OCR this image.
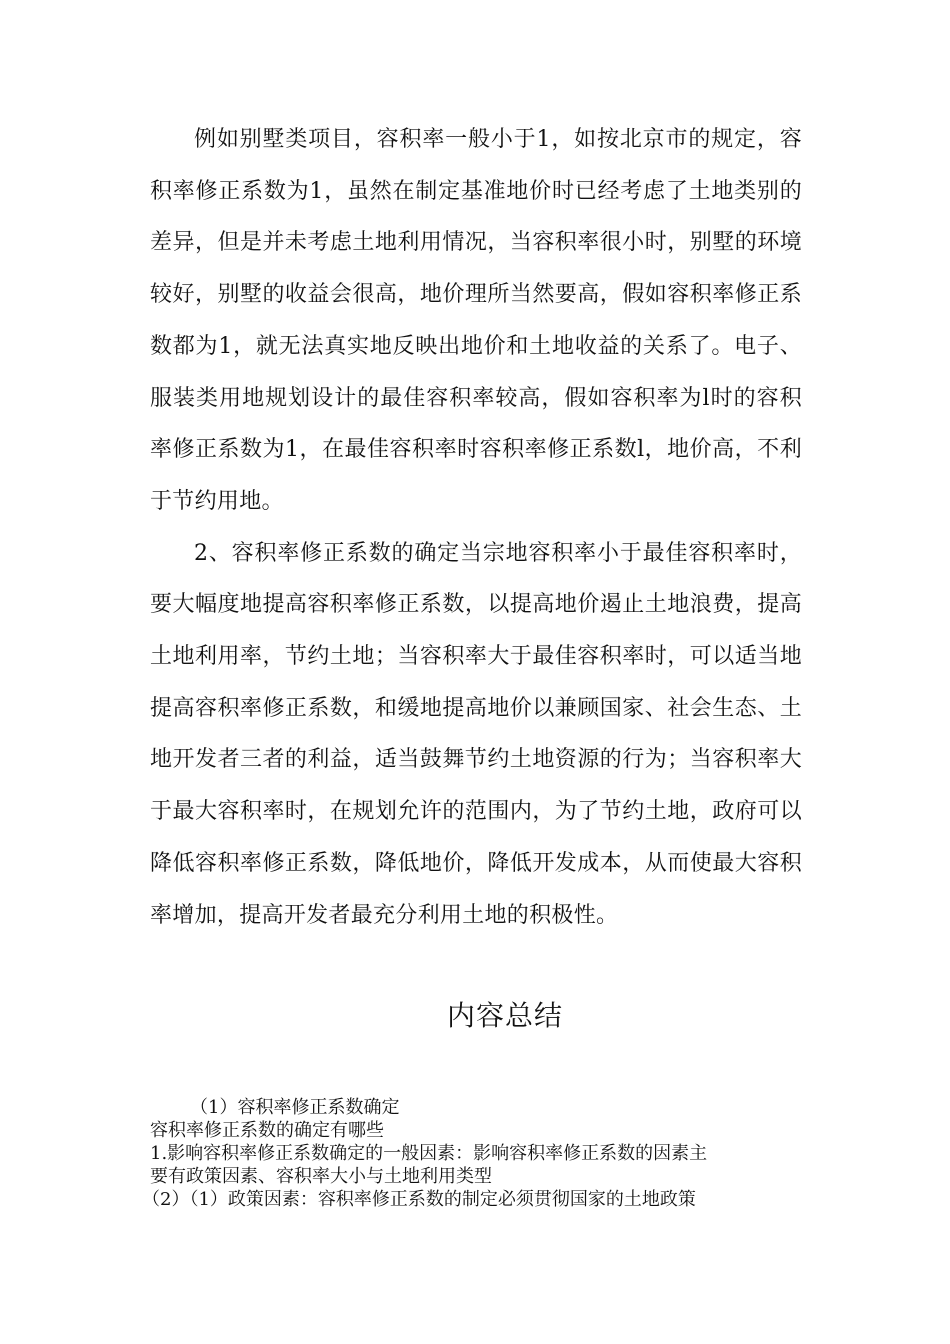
例如别墅类项目，容积率一般小于1，如按北京市的规定，容积率修正系数为1，虽然在制定基准地价时已经考虑了土地类别的差异，但是并未考虑土地利用情况，当容积率很小时，别墅的环境较好，别墅的收益会很高，地价理所当然要高，假如容积率修正系数都为1，就无法真实地反映出地价和土地收益的关系了。电子、服装类用地规划设计的最佳容积率较高，假如容积率为l时的容积率修正系数为1，在最佳容积率时容积率修正系数l，地价高，不利于节约用地。

2、容积率修正系数的确定当宗地容积率小于最佳容积率时，要大幅度地提高容积率修正系数，以提高地价遏止土地浪费，提高土地利用率，节约土地；当容积率大于最佳容积率时，可以适当地提高容积率修正系数，和缓地提高地价以兼顾国家、社会生态、土地开发者三者的利益，适当鼓舞节约土地资源的行为；当容积率大于最大容积率时，在规划允许的范围内，为了节约土地，政府可以降低容积率修正系数，降低地价，降低开发成本，从而使最大容积率增加，提高开发者最充分利用土地的积极性。

内容总结

（1）容积率修正系数确定

容积率修正系数的确定有哪些

1.影响容积率修正系数确定的一般因素：影响容积率修正系数的因素主

要有政策因素、容积率大小与土地利用类型

（2）（1）政策因素：容积率修正系数的制定必须贯彻国家的土地政策
